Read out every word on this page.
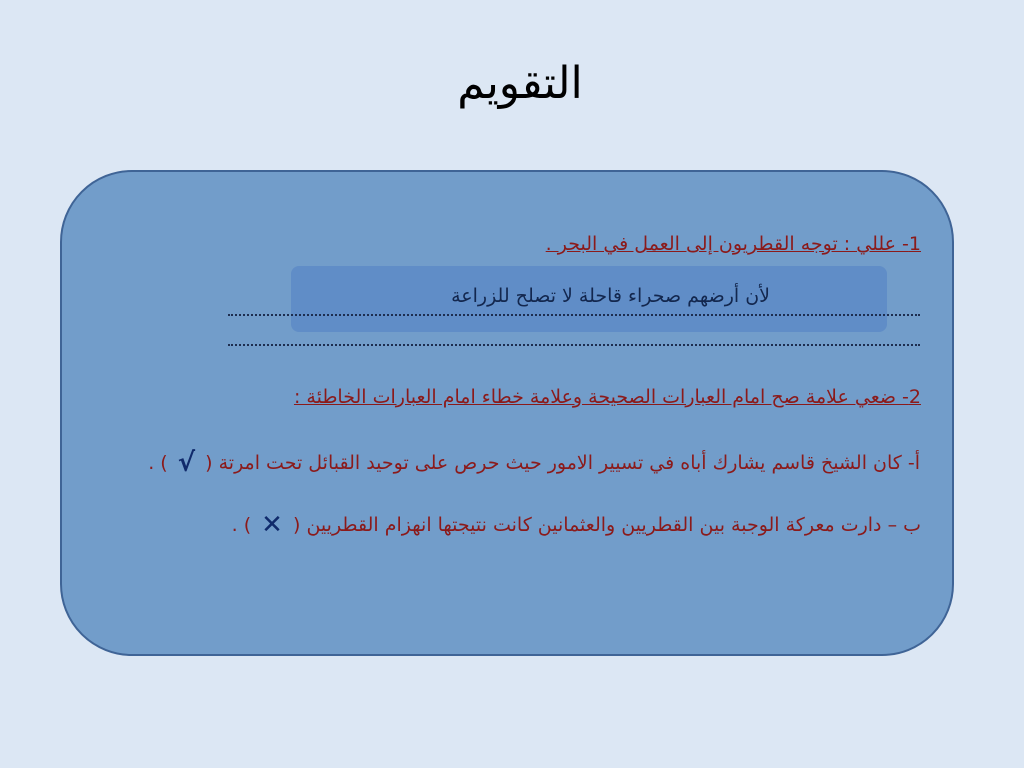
التقويم
1- عللي : توجه القطريون إلى العمل في البحر .
لأن أرضهم صحراء قاحلة لا تصلح للزراعة
2- ضعي علامة صح امام العبارات الصحيحة وعلامة خطاء امام العبارات الخاطئة :
أ- كان الشيخ قاسم يشارك أباه في تسيير الامور حيث حرص على توحيد القبائل تحت امرتة ( √ ) .
ب – دارت معركة الوجبة بين القطريين والعثمانين كانت نتيجتها انهزام القطريين ( ✕ ) .
